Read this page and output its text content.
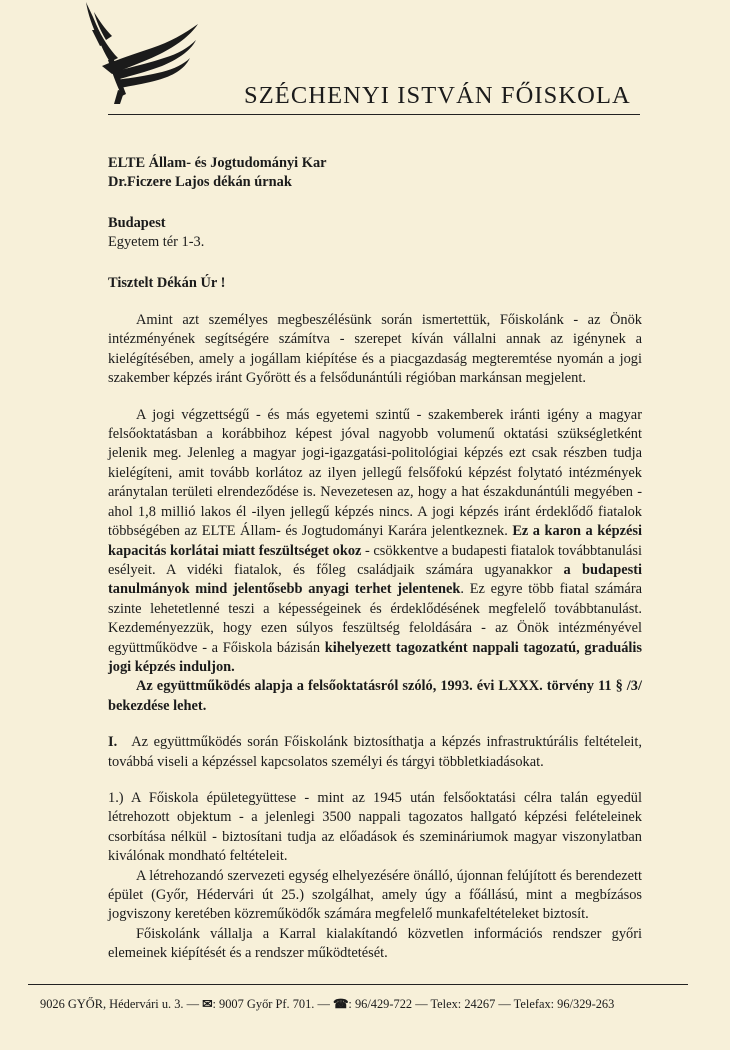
SZÉCHENYI ISTVÁN FŐISKOLA

ELTE Állam- és Jogtudományi Kar

Dr.Ficzere Lajos dékán úrnak

Budapest

Egyetem tér 1-3.

Tisztelt Dékán Úr !

Amint azt személyes megbeszélésünk során ismertettük, Főiskolánk - az Önök intézményének segítségére számítva - szerepet kíván vállalni annak az igénynek a kielégítésében, amely a jogállam kiépítése és a piacgazdaság megteremtése nyomán a jogi szakember képzés iránt Győrött és a felsődunántúli régióban markánsan megjelent.

A jogi végzettségű - és más egyetemi szintű - szakemberek iránti igény a magyar felsőoktatásban a korábbihoz képest jóval nagyobb volumenű oktatási szükségletként jelenik meg. Jelenleg a magyar jogi-igazgatási-politológiai képzés ezt csak részben tudja kielégíteni, amit tovább korlátoz az ilyen jellegű felsőfokú képzést folytató intézmények aránytalan területi elrendeződése is. Nevezetesen az, hogy a hat északdunántúli megyében - ahol 1,8 millió lakos él -ilyen jellegű képzés nincs. A jogi képzés iránt érdeklődő fiatalok többségében az ELTE Állam- és Jogtudományi Karára jelentkeznek. Ez a karon a képzési kapacitás korlátai miatt feszültséget okoz - csökkentve a budapesti fiatalok továbbtanulási esélyeit. A vidéki fiatalok, és főleg családjaik számára ugyanakkor a budapesti tanulmányok mind jelentősebb anyagi terhet jelentenek. Ez egyre több fiatal számára szinte lehetetlenné teszi a képességeinek és érdeklődésének megfelelő továbbtanulást. Kezdeményezzük, hogy ezen súlyos feszültség feloldására - az Önök intézményével együttműködve - a Főiskola bázisán kihelyezett tagozatként nappali tagozatú, graduális jogi képzés induljon.

Az együttműködés alapja a felsőoktatásról szóló, 1993. évi LXXX. törvény 11 § /3/ bekezdése lehet.

I. Az együttműködés során Főiskolánk biztosíthatja a képzés infrastruktúrális feltételeit, továbbá viseli a képzéssel kapcsolatos személyi és tárgyi többletkiadásokat.

1.) A Főiskola épületegyüttese - mint az 1945 után felsőoktatási célra talán egyedül létrehozott objektum - a jelenlegi 3500 nappali tagozatos hallgató képzési felételeinek csorbítása nélkül - biztosítani tudja az előadások és szemináriumok magyar viszonylatban kiválónak mondható feltételeit.

A létrehozandó szervezeti egység elhelyezésére önálló, újonnan felújított és berendezett épület (Győr, Hédervári út 25.) szolgálhat, amely úgy a főállású, mint a megbízásos jogviszony keretében közreműködők számára megfelelő munkafeltételeket biztosít.

Főiskolánk vállalja a Karral kialakítandó közvetlen információs rendszer győri elemeinek kiépítését és a rendszer működtetését.

9026 GYŐR, Hédervári u. 3. — ✉: 9007 Győr Pf. 701. — ☎: 96/429-722 — Telex: 24267 — Telefax: 96/329-263
